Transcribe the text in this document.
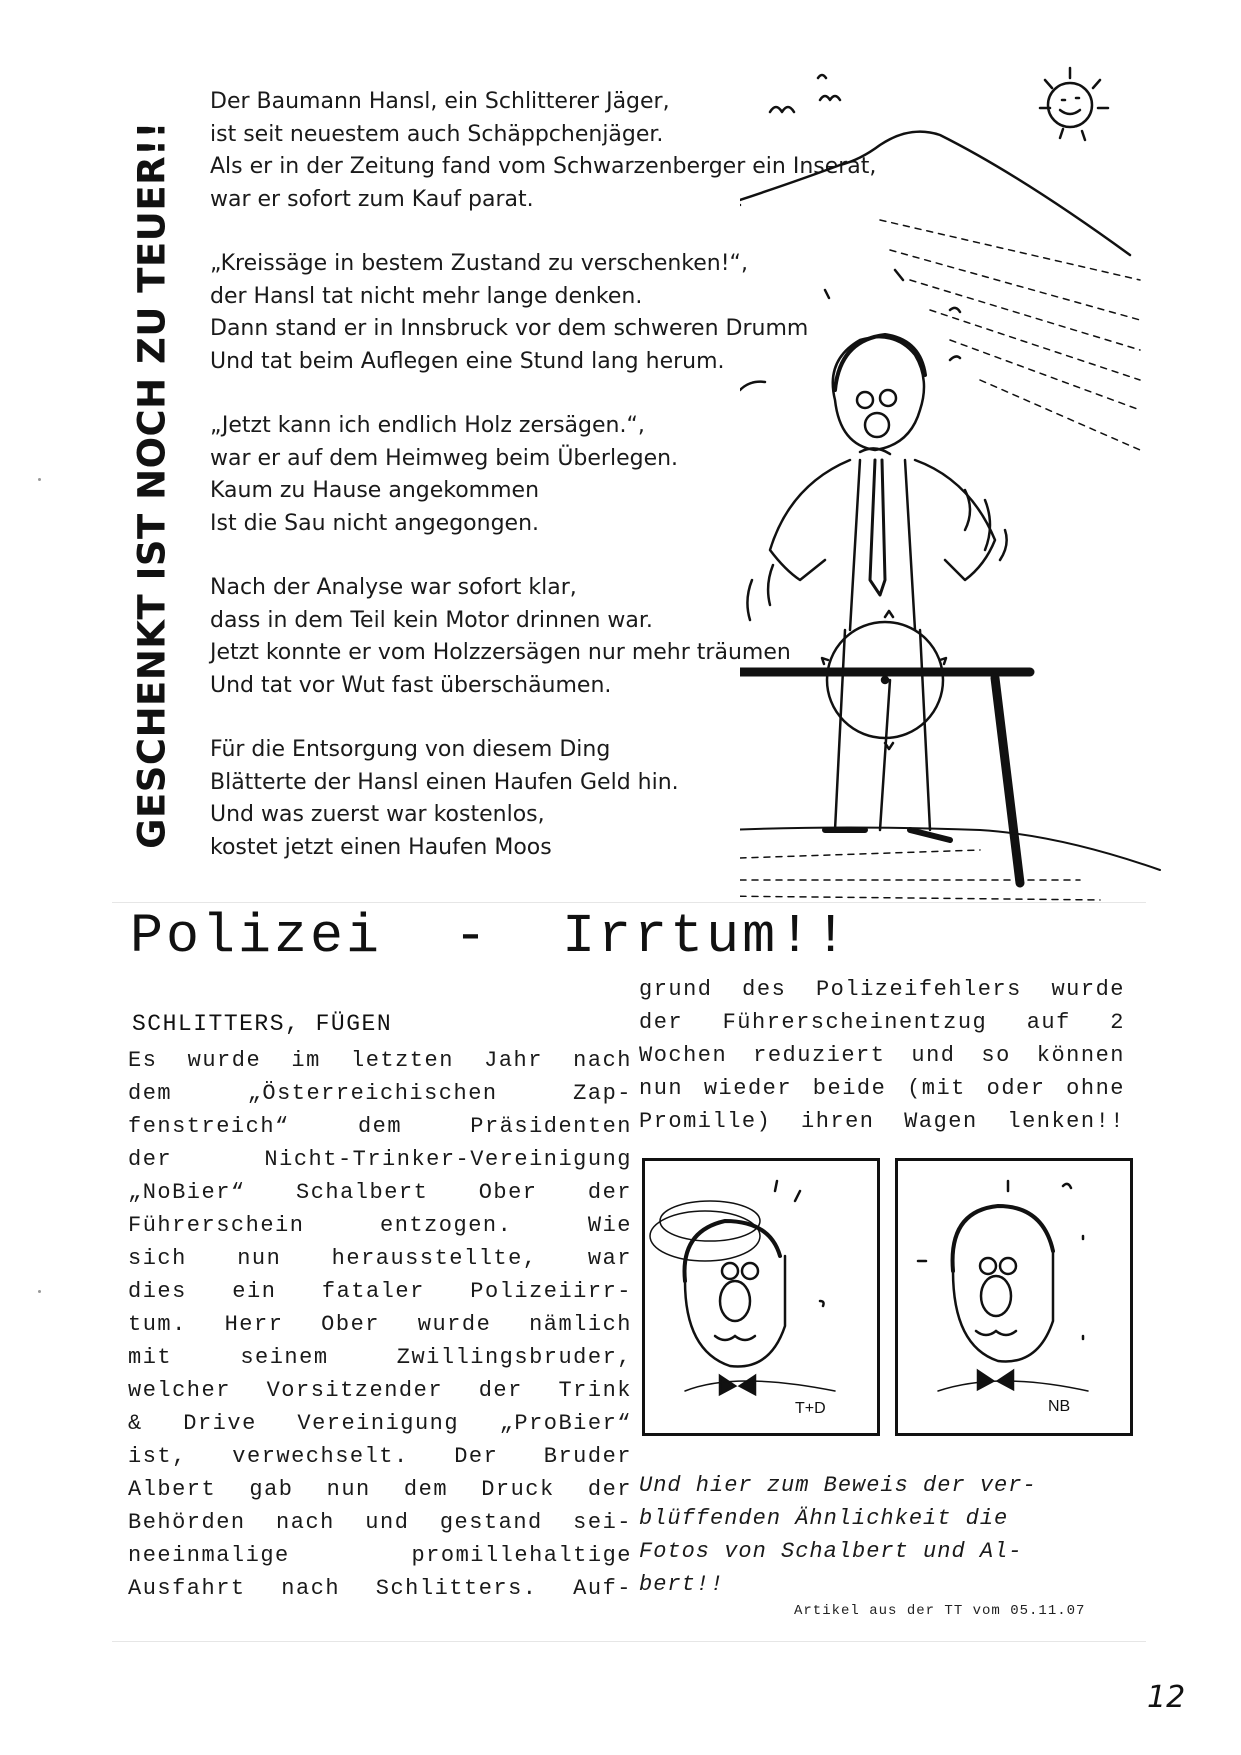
GESCHENKT IST NOCH ZU TEUER!!
Der Baumann Hansl, ein Schlitterer Jäger,
ist seit neuestem auch Schäppchenjäger.
Als er in der Zeitung fand vom Schwarzenberger ein Inserat,
war er sofort zum Kauf parat.
„Kreissäge in bestem Zustand zu verschenken!“,
der Hansl tat nicht mehr lange denken.
Dann stand er in Innsbruck vor dem schweren Drumm
Und tat beim Auflegen eine Stund lang herum.
„Jetzt kann ich endlich Holz zersägen.“,
war er auf dem Heimweg beim Überlegen.
Kaum zu Hause angekommen
Ist die Sau nicht angegongen.
Nach der Analyse war sofort klar,
dass in dem Teil kein Motor drinnen war.
Jetzt konnte er vom Holzzersägen nur mehr träumen
Und tat vor Wut fast überschäumen.
Für die Entsorgung von diesem Ding
Blätterte der Hansl einen Haufen Geld hin.
Und was zuerst war kostenlos,
kostet jetzt einen Haufen Moos
Polizei  -  Irrtum!!
SCHLITTERS, FÜGEN
Es wurde im letzten Jahr nach
dem „Österreichischen Zap-
fenstreich“ dem Präsidenten
der Nicht-Trinker-Vereinigung
„NoBier“ Schalbert Ober der
Führerschein entzogen. Wie
sich nun herausstellte, war
dies ein fataler Polizeiirr-
tum. Herr Ober wurde nämlich
mit seinem Zwillingsbruder,
welcher Vorsitzender der Trink
& Drive Vereinigung „ProBier“
ist, verwechselt. Der Bruder
Albert gab nun dem Druck der
Behörden nach und gestand sei-
neeinmalige promillehaltige
Ausfahrt nach Schlitters. Auf-
grund des Polizeifehlers wurde
der Führerscheinentzug auf 2
Wochen reduziert und so können
nun wieder beide (mit oder ohne
Promille) ihren Wagen lenken!!
T+D	NB
Und hier zum Beweis der ver-
blüffenden Ähnlichkeit die
Fotos von Schalbert und Al-
bert!!
Artikel aus der TT vom 05.11.07
12
